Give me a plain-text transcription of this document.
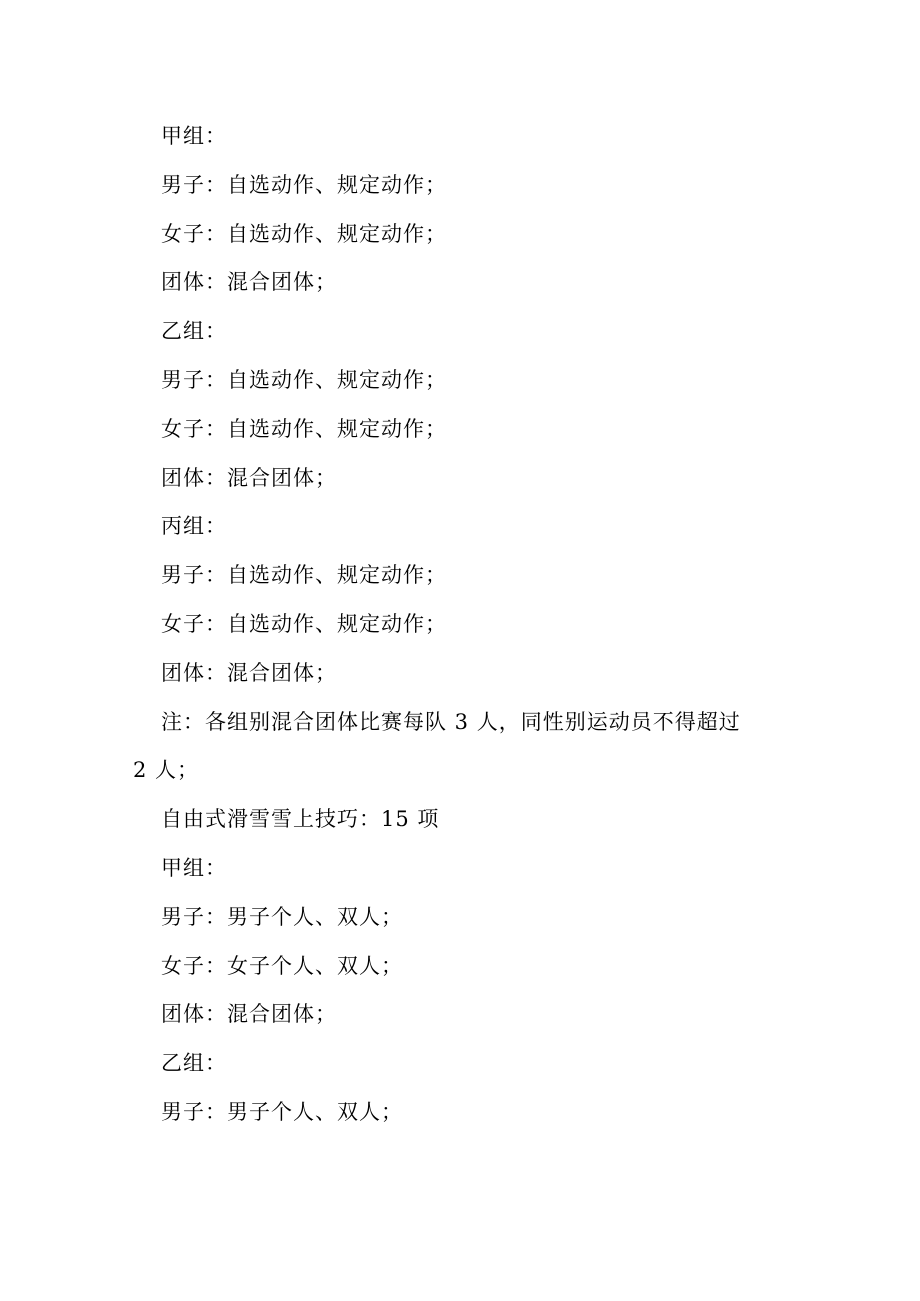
甲组：
男子：自选动作、规定动作；
女子：自选动作、规定动作；
团体：混合团体；
乙组：
男子：自选动作、规定动作；
女子：自选动作、规定动作；
团体：混合团体；
丙组：
男子：自选动作、规定动作；
女子：自选动作、规定动作；
团体：混合团体；
注：各组别混合团体比赛每队 3 人，同性别运动员不得超过
2 人；
自由式滑雪雪上技巧：15 项
甲组：
男子：男子个人、双人；
女子：女子个人、双人；
团体：混合团体；
乙组：
男子：男子个人、双人；
